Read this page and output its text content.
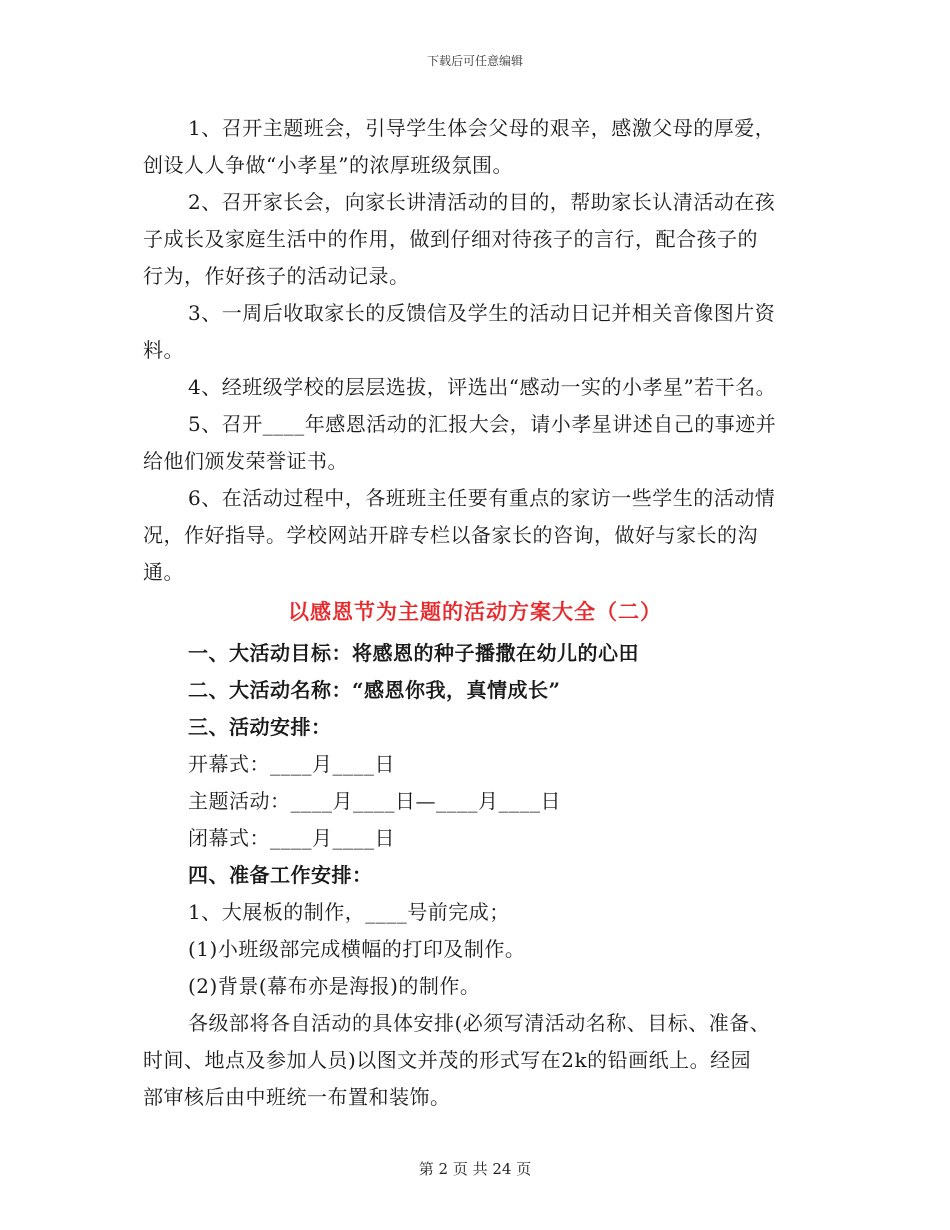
下载后可任意编辑
1、召开主题班会，引导学生体会父母的艰辛，感激父母的厚爱，
创设人人争做“小孝星”的浓厚班级氛围。
2、召开家长会，向家长讲清活动的目的，帮助家长认清活动在孩
子成长及家庭生活中的作用，做到仔细对待孩子的言行，配合孩子的
行为，作好孩子的活动记录。
3、一周后收取家长的反馈信及学生的活动日记并相关音像图片资
料。
4、经班级学校的层层选拔，评选出“感动一实的小孝星”若干名。
5、召开____年感恩活动的汇报大会，请小孝星讲述自己的事迹并
给他们颁发荣誉证书。
6、在活动过程中，各班班主任要有重点的家访一些学生的活动情
况，作好指导。学校网站开辟专栏以备家长的咨询，做好与家长的沟
通。
以感恩节为主题的活动方案大全（二）
一、大活动目标：将感恩的种子播撒在幼儿的心田
二、大活动名称：“感恩你我，真情成长”
三、活动安排：
开幕式：____月____日
主题活动：____月____日—____月____日
闭幕式：____月____日
四、准备工作安排：
1、大展板的制作，____号前完成；
(1)小班级部完成横幅的打印及制作。
(2)背景(幕布亦是海报)的制作。
各级部将各自活动的具体安排(必须写清活动名称、目标、准备、
时间、地点及参加人员)以图文并茂的形式写在2k的铅画纸上。经园
部审核后由中班统一布置和装饰。
第 2 页 共 24 页
